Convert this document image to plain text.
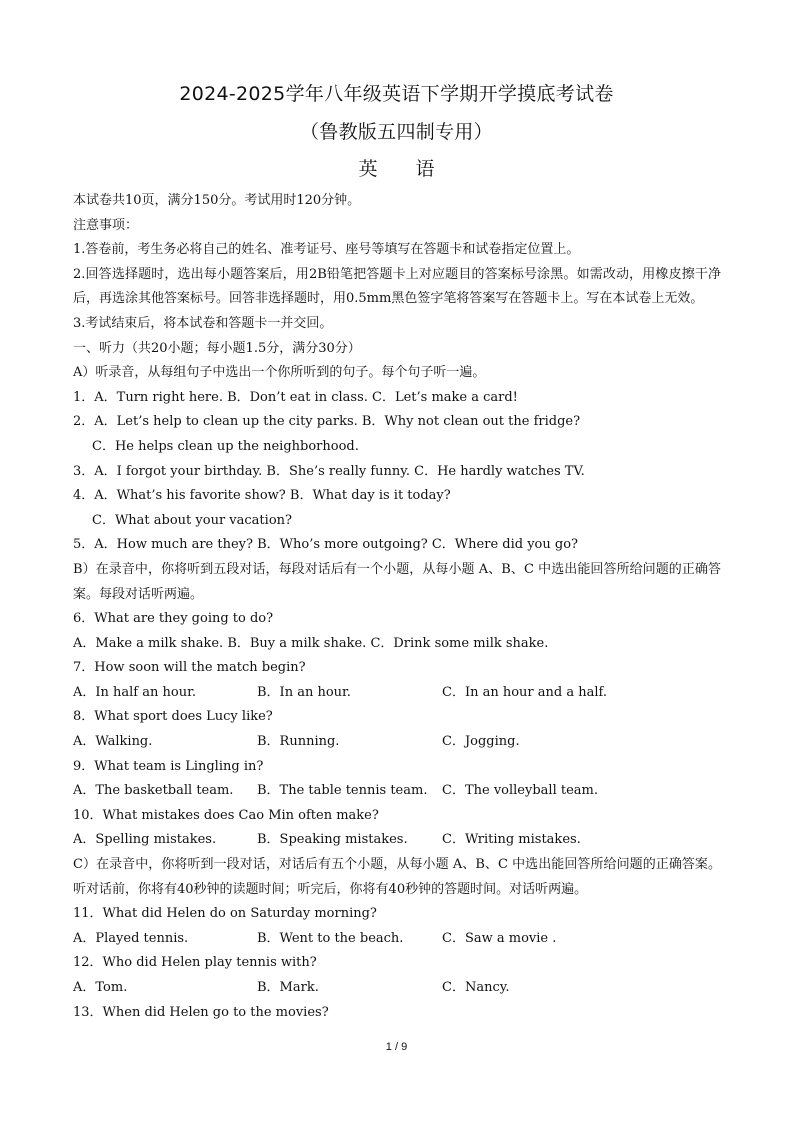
2024-2025学年八年级英语下学期开学摸底考试卷
（鲁教版五四制专用）
英语

本试卷共10页，满分150分。考试用时120分钟。

注意事项：

1.答卷前，考生务必将自己的姓名、准考证号、座号等填写在答题卡和试卷指定位置上。

2.回答选择题时，选出每小题答案后，用2B铅笔把答题卡上对应题目的答案标号涂黑。如需改动，用橡皮擦干净后，再选涂其他答案标号。回答非选择题时，用0.5mm黑色签字笔将答案写在答题卡上。写在本试卷上无效。

3.考试结束后，将本试卷和答题卡一并交回。

一、听力（共20小题；每小题1.5分，满分30分）

A）听录音，从每组句子中选出一个你所听到的句子。每个句子听一遍。

1．A．Turn right here. B．Don’t eat in class. C．Let’s make a card!

2．A．Let’s help to clean up the city parks. B．Why not clean out the fridge?

C．He helps clean up the neighborhood.

3．A．I forgot your birthday. B．She’s really funny. C．He hardly watches TV.

4．A．What’s his favorite show? B．What day is it today?

C．What about your vacation?

5．A．How much are they? B．Who’s more outgoing? C．Where did you go?

B）在录音中，你将听到五段对话，每段对话后有一个小题，从每小题 A、B、C 中选出能回答所给问题的正确答案。每段对话听两遍。

6．What are they going to do?

A．Make a milk shake. B．Buy a milk shake. C．Drink some milk shake.

7．How soon will the match begin?

A．In half an hour.	B．In an hour.	C．In an hour and a half.

8．What sport does Lucy like?

A．Walking.	B．Running.	C．Jogging.

9．What team is Lingling in?

A．The basketball team.	B．The table tennis team.	C．The volleyball team.

10．What mistakes does Cao Min often make?

A．Spelling mistakes.	B．Speaking mistakes.	C．Writing mistakes.

C）在录音中，你将听到一段对话，对话后有五个小题，从每小题 A、B、C 中选出能回答所给问题的正确答案。听对话前，你将有40秒钟的读题时间；听完后，你将有40秒钟的答题时间。对话听两遍。

11．What did Helen do on Saturday morning?

A．Played tennis.	B．Went to the beach.	C．Saw a movie .

12．Who did Helen play tennis with?

A．Tom.	B．Mark.	C．Nancy.

13．When did Helen go to the movies?

1 / 9
